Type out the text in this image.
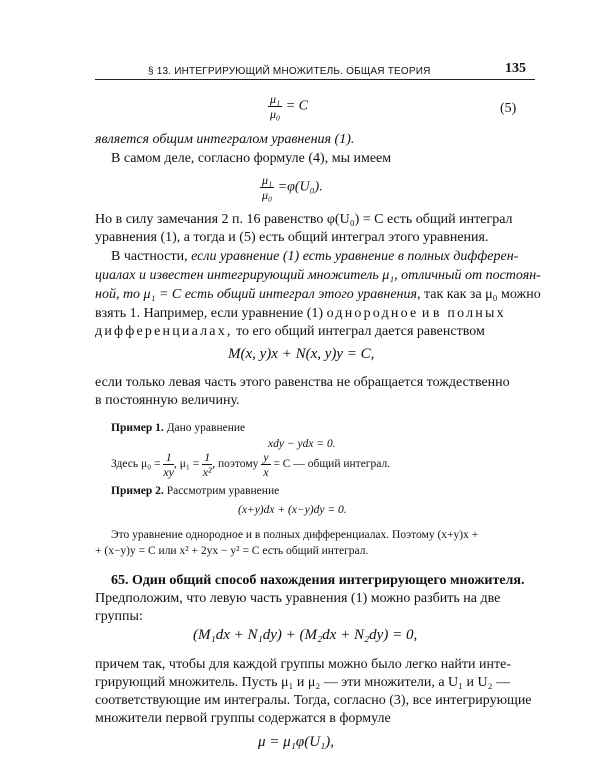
§ 13. ИНТЕГРИРУЮЩИЙ МНОЖИТЕЛЬ. ОБЩАЯ ТЕОРИЯ	135
$\frac{\text{μ₁}}{\text{μ₀}} = C$	(5)
является общим интегралом уравнения (1).
В самом деле, согласно формуле (4), мы имеем
$\frac{\text{μ₁}}{\text{μ₀}} =\varphi(U_0)$.
Но в силу замечания 2 п. 16 равенство φ(U₀) = C есть общий интеграл
уравнения (1), а тогда и (5) есть общий интеграл этого уравнения.
В частности, если уравнение (1) есть уравнение в полных дифферен-
циалах и известен интегрирующий множитель μ₁, отличный от постоян-
ной, то μ₁ = C есть общий интеграл этого уравнения, так как за μ₀ можно
взять 1. Например, если уравнение (1) однородное и в полных
дифференциалах, то его общий интеграл дается равенством
M(x, y)x + N(x, y)y = C,
если только левая часть этого равенства не обращается тождественно
в постоянную величину.
Пример 1. Дано уравнение
xdy − ydx = 0.
Здесь $\mu_0 = \frac{1}{xy}$ , $\mu_1 = \frac{1}{\text{x²}}$ , поэтому $\frac{y}{x} = C$ — общий интеграл.
Пример 2. Рассмотрим уравнение
(x+y)dx + (x−y)dy = 0.
Это уравнение однородное и в полных дифференциалах. Поэтому (x+y)x +
+ (x−y)y = C или x² + 2yx − y² = C есть общий интеграл.
65. Один общий способ нахождения интегрирующего множителя.
Предположим, что левую часть уравнения (1) можно разбить на две
группы:
(M₁dx + N₁dy) + (M₂dx + N₂dy) = 0,
причем так, чтобы для каждой группы можно было легко найти инте-
грирующий множитель. Пусть μ₁ и μ₂ — эти множители, а U₁ и U₂ —
соответствующие им интегралы. Тогда, согласно (3), все интегрирующие
множители первой группы содержатся в формуле
μ = μ₁φ(U₁),
